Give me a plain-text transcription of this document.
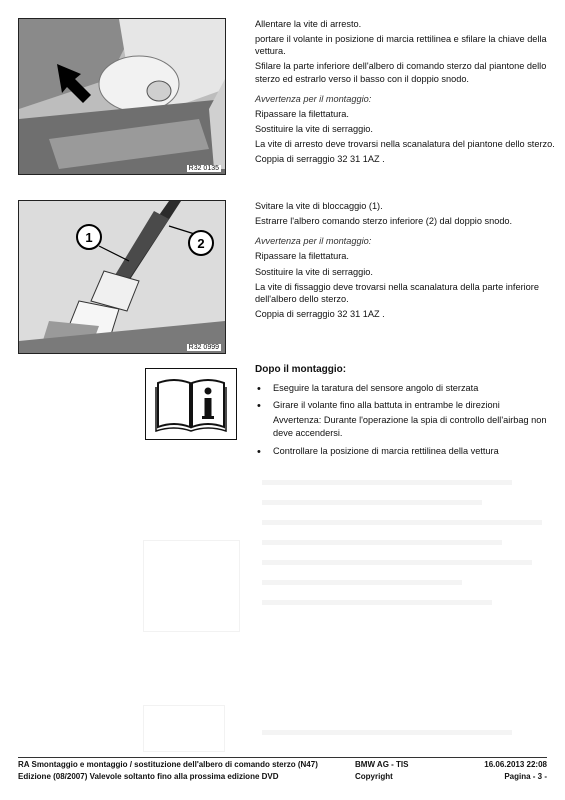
R32 0135

Allentare la vite di arresto.

portare il volante in posizione di marcia rettilinea e sfilare la chiave della vettura.

Sfilare la parte inferiore dell'albero di comando sterzo dal piantone dello sterzo ed estrarlo verso il basso con il doppio snodo.

Avvertenza per il montaggio:

Ripassare la filettatura.

Sostituire la vite di serraggio.

La vite di arresto deve trovarsi nella scanalatura del piantone dello sterzo.

Coppia di serraggio 32 31 1AZ .

1	2
R32 0999

Svitare la vite di bloccaggio (1).

Estrarre l'albero comando sterzo inferiore (2) dal doppio snodo.

Avvertenza per il montaggio:

Ripassare la filettatura.

Sostituire la vite di serraggio.

La vite di fissaggio deve trovarsi nella scanalatura della parte inferiore dell'albero dello sterzo.

Coppia di serraggio 32 31 1AZ .

Dopo il montaggio:
• Eseguire la taratura del sensore angolo di sterzata
• Girare il volante fino alla battuta in entrambe le direzioni
Avvertenza: Durante l'operazione la spia di controllo dell'airbag non deve accendersi.
• Controllare la posizione di marcia rettilinea della vettura
RA Smontaggio e montaggio / sostituzione dell'albero di comando sterzo (N47)	BMW AG - TIS	16.06.2013 22:08
Edizione (08/2007) Valevole soltanto fino alla prossima edizione DVD	Copyright	Pagina - 3 -
